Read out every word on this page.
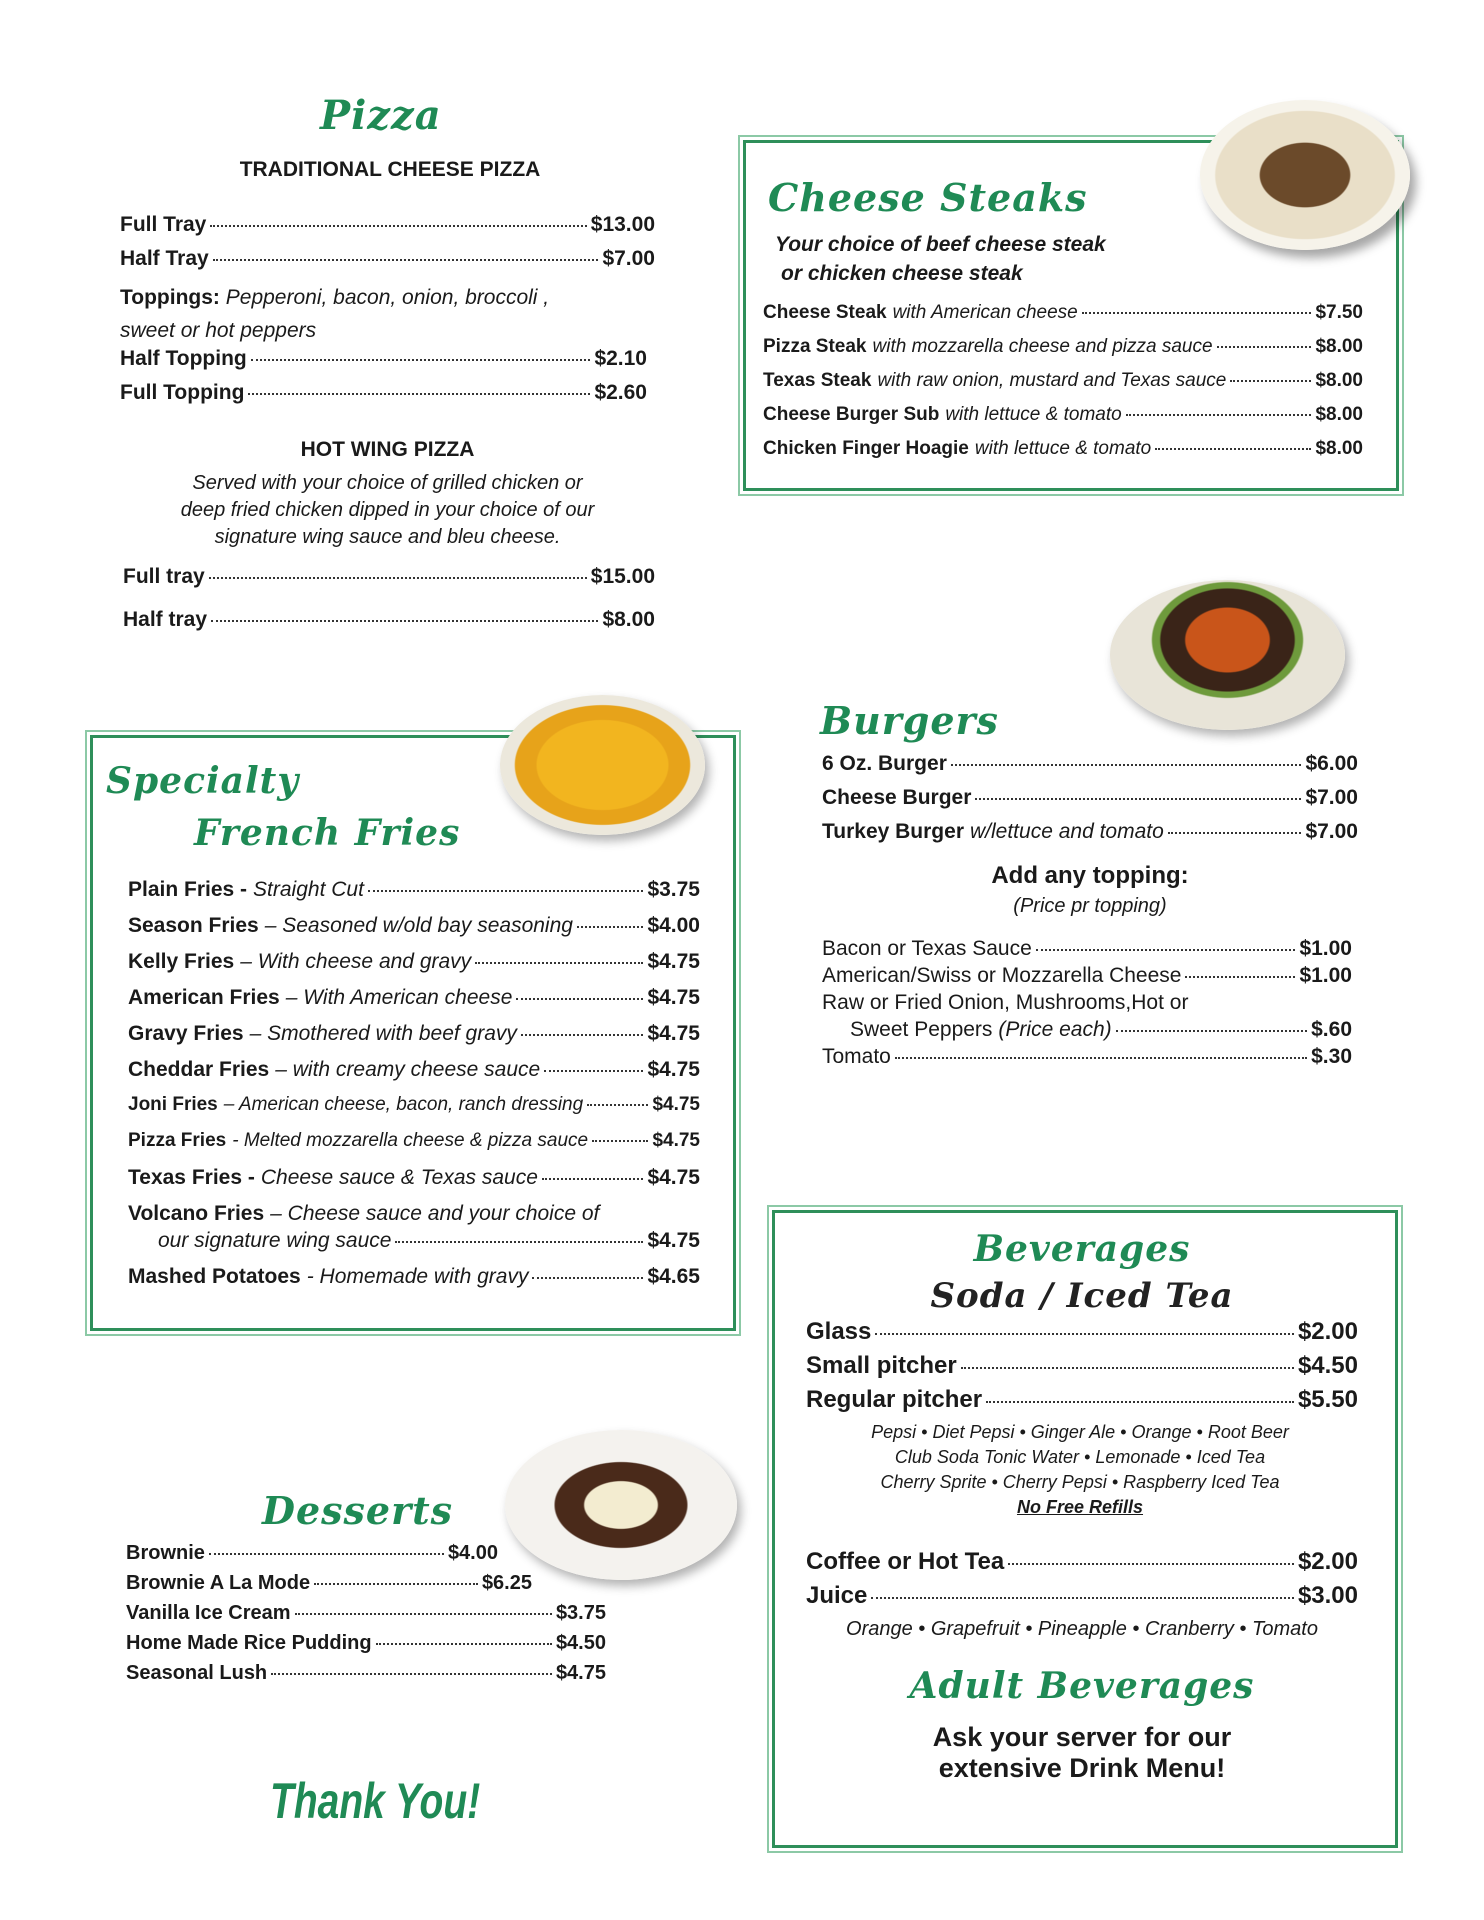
Pizza
TRADITIONAL CHEESE PIZZA
Full Tray	$13.00
Half Tray	$7.00
Toppings: Pepperoni, bacon, onion, broccoli ,
sweet or hot peppers
Half Topping	$2.10
Full Topping	$2.60
HOT WING PIZZA
Served with your choice of grilled chicken or
deep fried chicken dipped in your choice of our
signature wing sauce and bleu cheese.
Full tray	$15.00
Half tray	$8.00
Cheese Steaks
Your choice of beef cheese steak
or chicken cheese steak
Cheese Steak with American cheese	$7.50
Pizza Steak with mozzarella cheese and pizza sauce	$8.00
Texas Steak with raw onion, mustard and Texas sauce	$8.00
Cheese Burger Sub with lettuce & tomato	$8.00
Chicken Finger Hoagie with lettuce & tomato	$8.00
Burgers
6 Oz. Burger	$6.00
Cheese Burger	$7.00
Turkey Burger w/lettuce and tomato	$7.00
Add any topping:
(Price pr topping)
Bacon or Texas Sauce	$1.00
American/Swiss or Mozzarella Cheese	$1.00
Raw or Fried Onion, Mushrooms,Hot or
Sweet Peppers (Price each)	$.60
Tomato	$.30
Specialty
French Fries
Plain Fries - Straight Cut	$3.75
Season Fries – Seasoned w/old bay seasoning	$4.00
Kelly Fries – With cheese and gravy	$4.75
American Fries – With American cheese	$4.75
Gravy Fries – Smothered with beef gravy	$4.75
Cheddar Fries – with creamy cheese sauce	$4.75
Joni Fries – American cheese, bacon, ranch dressing	$4.75
Pizza Fries - Melted mozzarella cheese & pizza sauce	$4.75
Texas Fries - Cheese sauce & Texas sauce	$4.75
Volcano Fries – Cheese sauce and your choice of
our signature wing sauce	$4.75
Mashed Potatoes - Homemade with gravy	$4.65
Beverages
Soda / Iced Tea
Glass	$2.00
Small pitcher	$4.50
Regular pitcher	$5.50
Pepsi • Diet Pepsi • Ginger Ale • Orange • Root Beer
Club Soda Tonic Water • Lemonade • Iced Tea
Cherry Sprite • Cherry Pepsi • Raspberry Iced Tea
No Free Refills
Coffee or Hot Tea	$2.00
Juice	$3.00
Orange • Grapefruit • Pineapple • Cranberry • Tomato
Adult Beverages
Ask your server for our
extensive Drink Menu!
Desserts
Brownie	$4.00
Brownie A La Mode	$6.25
Vanilla Ice Cream	$3.75
Home Made Rice Pudding	$4.50
Seasonal Lush	$4.75
Thank You!
